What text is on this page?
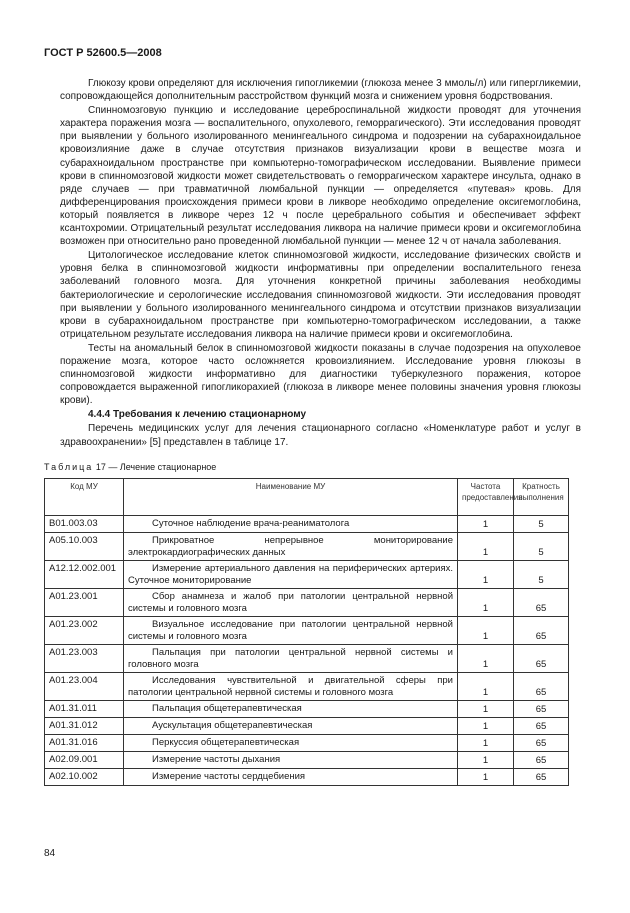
ГОСТ Р 52600.5—2008

Глюкозу крови определяют для исключения гипогликемии (глюкоза менее 3 ммоль/л) или гипергликемии, сопровождающейся дополнительным расстройством функций мозга и снижением уровня бодрствования.

Спинномозговую пункцию и исследование цереброспинальной жидкости проводят для уточнения характера поражения мозга — воспалительного, опухолевого, геморрагического). Эти исследования проводят при выявлении у больного изолированного менингеального синдрома и подозрении на субарахноидальное кровоизлияние даже в случае отсутствия признаков визуализации крови в веществе мозга и субарахноидальном пространстве при компьютерно-томографическом исследовании. Выявление примеси крови в спинномозговой жидкости может свидетельствовать о геморрагическом характере инсульта, однако в ряде случаев — при травматичной люмбальной пункции — определяется «путевая» кровь. Для дифференцирования происхождения примеси крови в ликворе необходимо определение оксигемоглобина, который появляется в ликворе через 12 ч после церебрального события и обеспечивает эффект ксантохромии. Отрицательный результат исследования ликвора на наличие примеси крови и оксигемоглобина возможен при относительно рано проведенной люмбальной пункции — менее 12 ч от начала заболевания.

Цитологическое исследование клеток спинномозговой жидкости, исследование физических свойств и уровня белка в спинномозговой жидкости информативны при определении воспалительного генеза заболеваний головного мозга. Для уточнения конкретной причины заболевания необходимы бактериологические и серологические исследования спинномозговой жидкости. Эти исследования проводят при выявлении у больного изолированного менингеального синдрома и отсутствии признаков визуализации крови в субарахноидальном пространстве при компьютерно-томографическом исследовании, а также отрицательном результате исследования ликвора на наличие примеси крови и оксигемоглобина.

Тесты на аномальный белок в спинномозговой жидкости показаны в случае подозрения на опухолевое поражение мозга, которое часто осложняется кровоизлиянием. Исследование уровня глюкозы в спинномозговой жидкости информативно для диагностики туберкулезного поражения, которое сопровождается выраженной гипогликорахией (глюкоза в ликворе менее половины значения уровня глюкозы крови).

4.4.4 Требования к лечению стационарному

Перечень медицинских услуг для лечения стационарного согласно «Номенклатуре работ и услуг в здравоохранении» [5] представлен в таблице 17.

Таблица 17 — Лечение стационарное
Код МУ	Наименование МУ	Частота предоставления	Кратность выполнения
B01.003.03	Суточное наблюдение врача-реаниматолога	1	5
A05.10.003	Прикроватное непрерывное мониторирование электрокардиографических данных	1	5
A12.12.002.001	Измерение артериального давления на периферических артериях. Суточное мониторирование	1	5
A01.23.001	Сбор анамнеза и жалоб при патологии центральной нервной системы и головного мозга	1	65
A01.23.002	Визуальное исследование при патологии центральной нервной системы и головного мозга	1	65
A01.23.003	Пальпация при патологии центральной нервной системы и головного мозга	1	65
A01.23.004	Исследования чувствительной и двигательной сферы при патологии центральной нервной системы и головного мозга	1	65
A01.31.011	Пальпация общетерапевтическая	1	65
A01.31.012	Аускультация общетерапевтическая	1	65
A01.31.016	Перкуссия общетерапевтическая	1	65
A02.09.001	Измерение частоты дыхания	1	65
A02.10.002	Измерение частоты сердцебиения	1	65
84
